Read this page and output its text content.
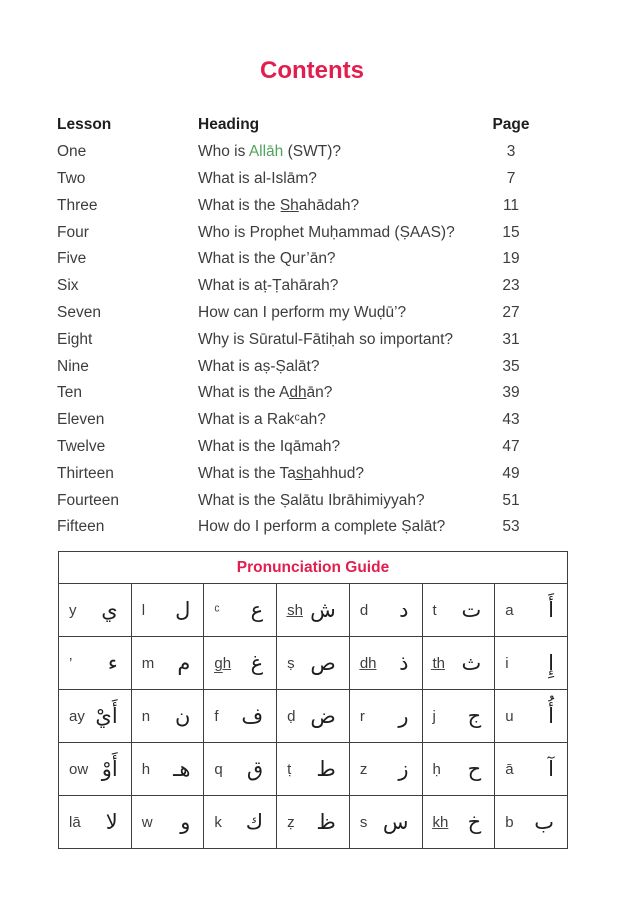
Contents
Lesson	Heading	Page
One	Who is Allāh (SWT)?	3
Two	What is al-Islām?	7
Three	What is the S̲h̲ahādah?	11
Four	Who is Prophet Muḥammad (ṢAAS)?	15
Five	What is the Qur’ān?	19
Six	What is aṭ-Ṭahārah?	23
Seven	How can I perform my Wuḍū’?	27
Eight	Why is Sūratul-Fātiḥah so important?	31
Nine	What is aṣ-Ṣalāt?	35
Ten	What is the Ad̲h̲ān?	39
Eleven	What is a Rakᶜah?	43
Twelve	What is the Iqāmah?	47
Thirteen	What is the Tas̲h̲ahhud?	49
Fourteen	What is the Ṣalātu Ibrāhimiyyah?	51
Fifteen	How do I perform a complete Ṣalāt?	53
Pronunciation Guide						

y ي	l ل	ᶜ ع	s̲h̲ ش	d د	t ت	a أَ

’ ء	m م	g̲h̲ غ	ṣ ص	d̲h̲ ذ	t̲h̲ ث	i إِ

ay أَيْ	n ن	f ف	ḍ ض	r ر	j ج	u أُ

ow أَوْ	h هـ	q ق	ṭ ط	z ز	ḥ ح	ā آ

lā لا	w و	k ك	ẓ ظ	s س	k̲h̲ خ	b ب
